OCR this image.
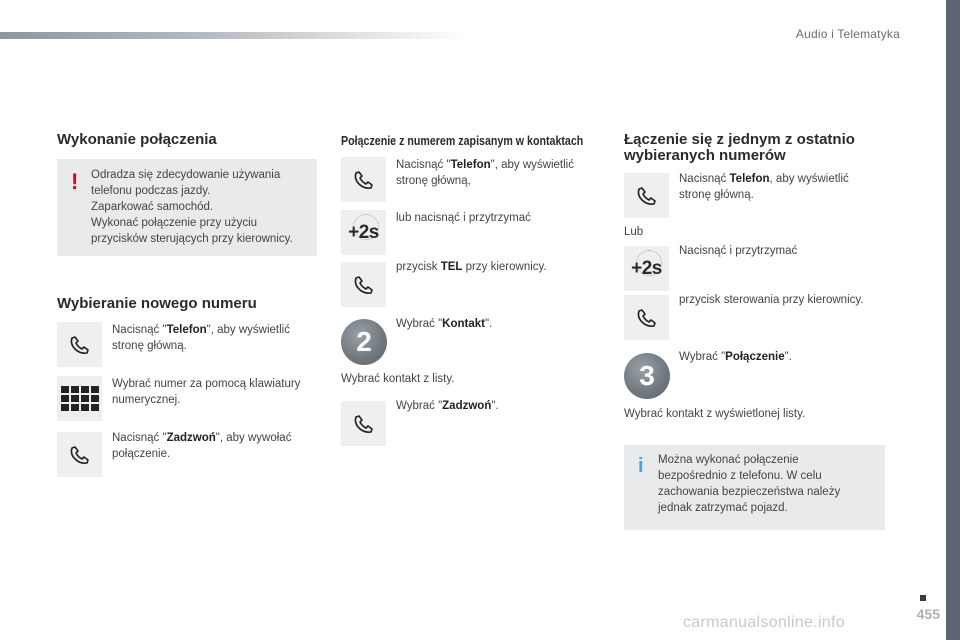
Audio i Telematyka
Wykonanie połączenia
! Odradza się zdecydowanie używania
telefonu podczas jazdy.
Zaparkować samochód.
Wykonać połączenie przy użyciu
przycisków sterujących przy kierownicy.
Wybieranie nowego numeru
Nacisnąć "Telefon", aby wyświetlić
stronę główną.
Wybrać numer za pomocą klawiatury
numerycznej.
Nacisnąć "Zadzwoń", aby wywołać
połączenie.
Połączenie z numerem zapisanym w kontaktach
Nacisnąć "Telefon", aby wyświetlić
stronę główną,
+2s
lub nacisnąć i przytrzymać
przycisk TEL przy kierownicy.
2
Wybrać "Kontakt".
Wybrać kontakt z listy.
Wybrać "Zadzwoń".
Łączenie się z jednym z ostatnio
wybieranych numerów
Nacisnąć Telefon, aby wyświetlić
stronę główną.
Lub
+2s
Nacisnąć i przytrzymać
przycisk sterowania przy kierownicy.
3
Wybrać "Połączenie".
Wybrać kontakt z wyświetlonej listy.
i Można wykonać połączenie
bezpośrednio z telefonu. W celu
zachowania bezpieczeństwa należy
jednak zatrzymać pojazd.
455
carmanualsonline.info
